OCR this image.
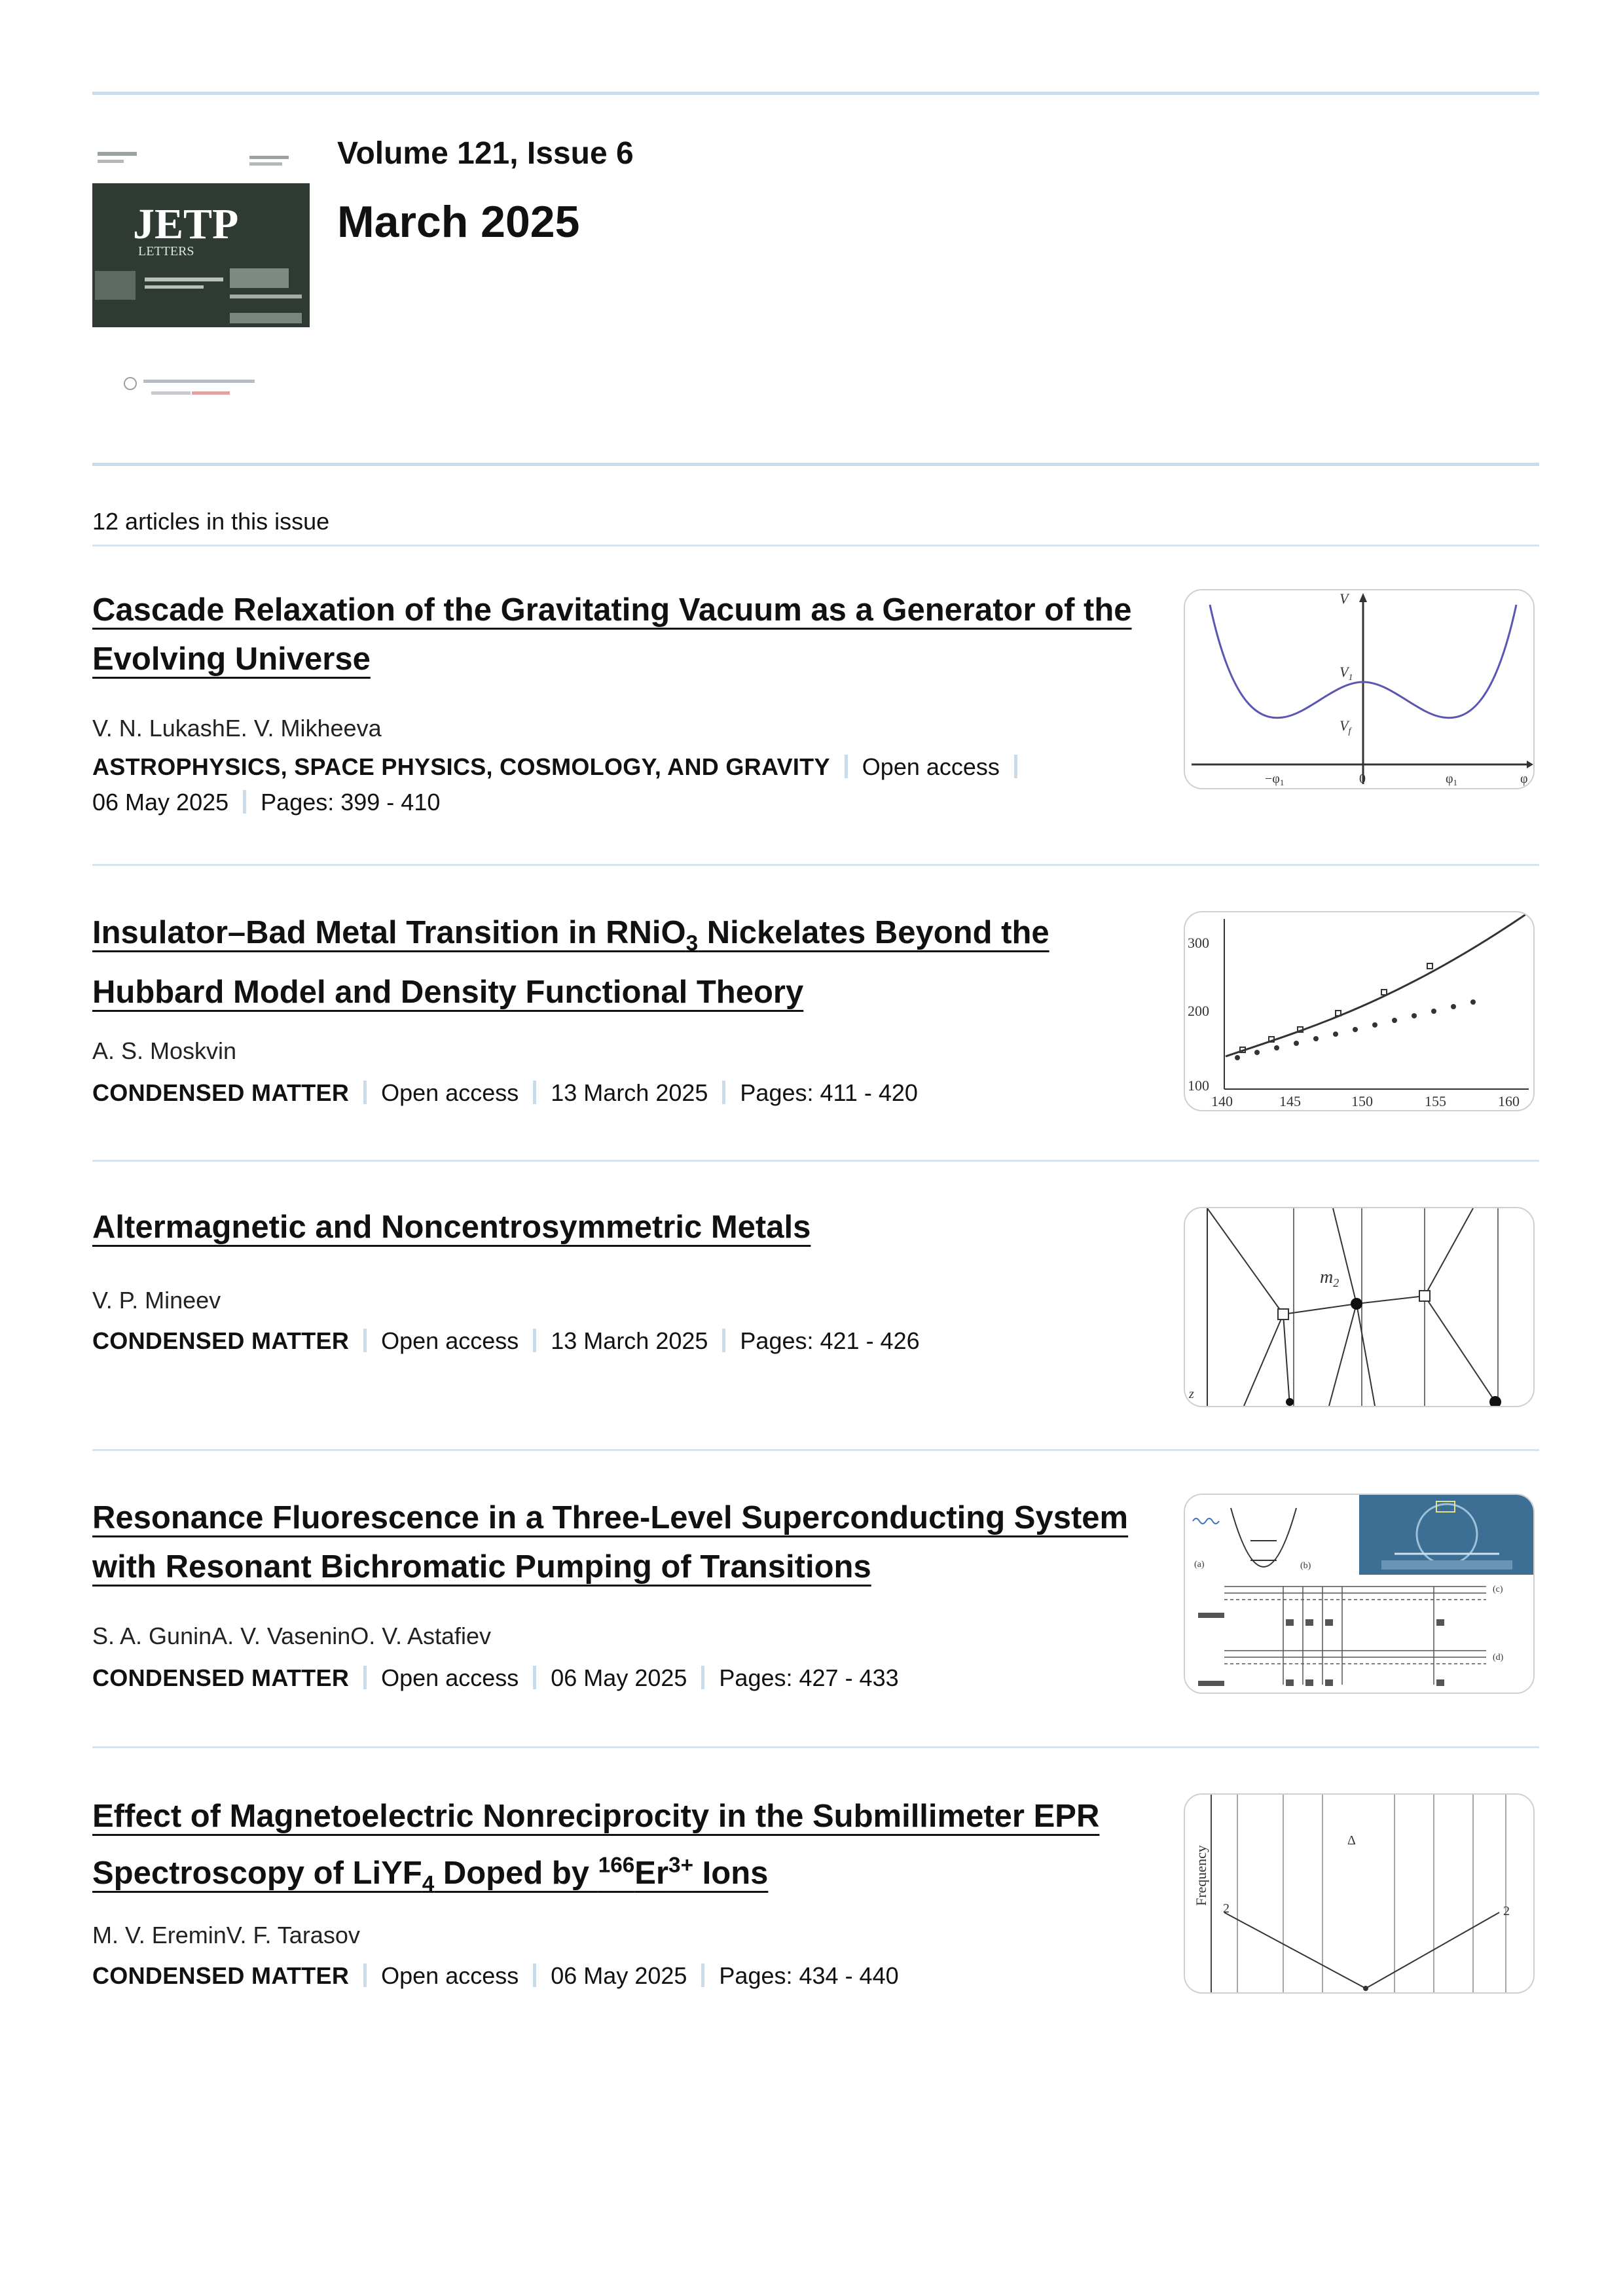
JETP
LETTERS
Volume 121, Issue 6
March 2025
12 articles in this issue
Cascade Relaxation of the Gravitating Vacuum as a Generator of the Evolving Universe
V. N. LukashE. V. Mikheeva
ASTROPHYSICS, SPACE PHYSICS, COSMOLOGY, AND GRAVITY Open access
06 May 2025 Pages: 399 - 410
V
$V_1$
$V_f$
$-\varphi_1$	0	$\varphi_1$	φ
Insulator–Bad Metal Transition in RNiO$_3$ Nickelates Beyond the Hubbard Model and Density Functional Theory
A. S. Moskvin
CONDENSED MATTER Open access 13 March 2025 Pages: 411 - 420
300
200
100
140	145	150	155	160
Altermagnetic and Noncentrosymmetric Metals
V. P. Mineev
CONDENSED MATTER Open access 13 March 2025 Pages: 421 - 426
$m_2$
z
Resonance Fluorescence in a Three-Level Superconducting System with Resonant Bichromatic Pumping of Transitions
S. A. GuninA. V. VaseninO. V. Astafiev
CONDENSED MATTER Open access 06 May 2025 Pages: 427 - 433
(a)	(b)
(c)
(d)
Effect of Magnetoelectric Nonreciprocity in the Submillimeter EPR Spectroscopy of LiYF$_4$ Doped by $^{166}Er^{3+}$ Ions
M. V. EreminV. F. Tarasov
CONDENSED MATTER Open access 06 May 2025 Pages: 434 - 440
Frequency
2	2
Δ
